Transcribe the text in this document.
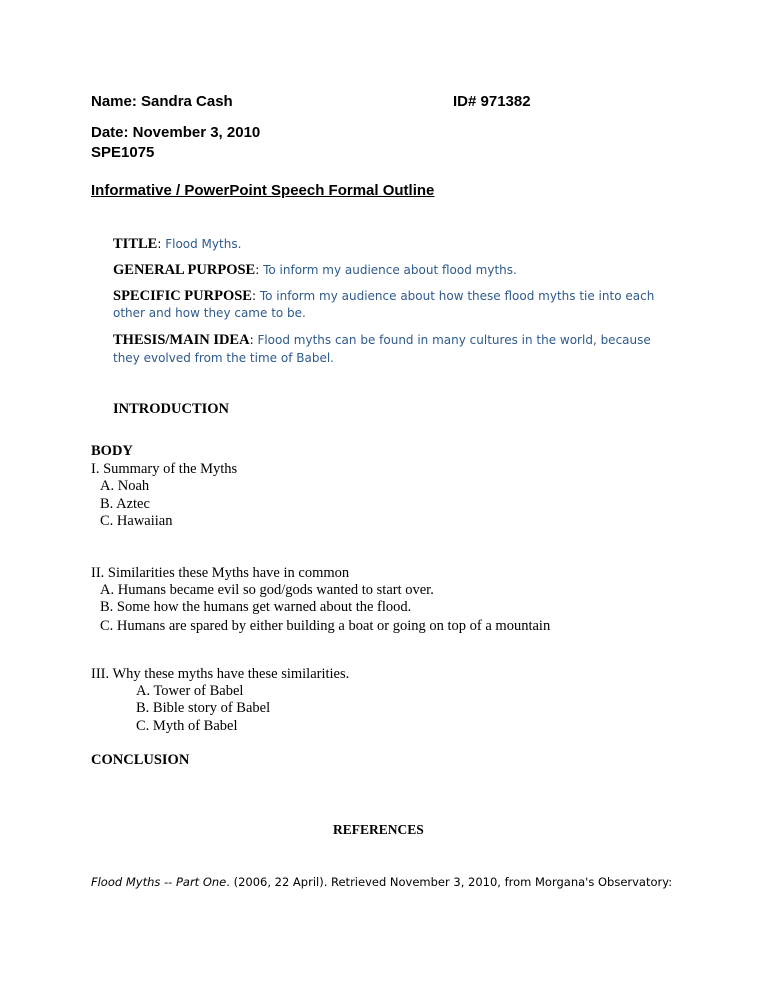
Name: Sandra Cash	ID# 971382
Date: November 3, 2010
SPE1075
Informative / PowerPoint Speech Formal Outline
TITLE: Flood Myths.
GENERAL PURPOSE: To inform my audience about flood myths.
SPECIFIC PURPOSE: To inform my audience about how these flood myths tie into each
other and how they came to be.
THESIS/MAIN IDEA: Flood myths can be found in many cultures in the world, because
they evolved from the time of Babel.
INTRODUCTION
BODY
I. Summary of the Myths
A. Noah
B. Aztec
C. Hawaiian
II. Similarities these Myths have in common
A. Humans became evil so god/gods wanted to start over.
B. Some how the humans get warned about the flood.
C. Humans are spared by either building a boat or going on top of a mountain
III. Why these myths have these similarities.
A. Tower of Babel
B. Bible story of Babel
C. Myth of Babel
CONCLUSION
REFERENCES
Flood Myths -- Part One. (2006, 22 April). Retrieved November 3, 2010, from Morgana's Observatory:
